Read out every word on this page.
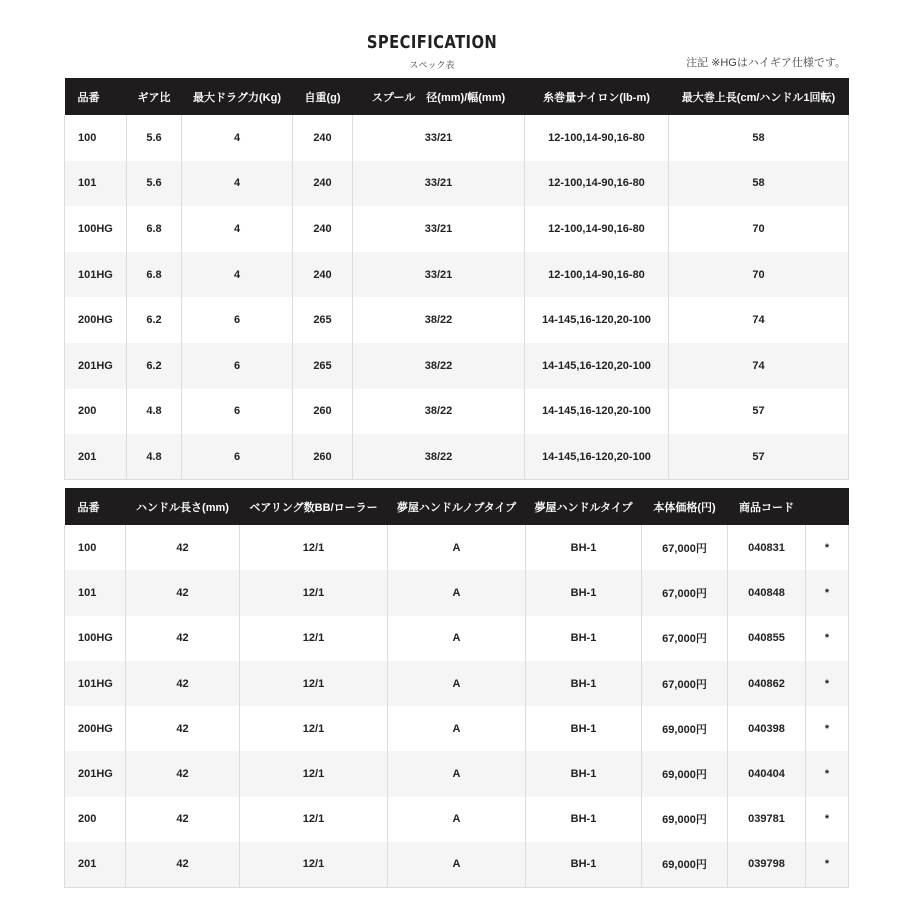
SPECIFICATION
スペック表	注記 ※HGはハイギア仕様です。
品番	ギア比	最大ドラグ力(Kg)	自重(g)	スプール　径(mm)/幅(mm)	糸巻量ナイロン(lb-m)	最大巻上長(cm/ハンドル1回転)
100	5.6	4	240	33/21	12-100,14-90,16-80	58
101	5.6	4	240	33/21	12-100,14-90,16-80	58
100HG	6.8	4	240	33/21	12-100,14-90,16-80	70
101HG	6.8	4	240	33/21	12-100,14-90,16-80	70
200HG	6.2	6	265	38/22	14-145,16-120,20-100	74
201HG	6.2	6	265	38/22	14-145,16-120,20-100	74
200	4.8	6	260	38/22	14-145,16-120,20-100	57
201	4.8	6	260	38/22	14-145,16-120,20-100	57
品番	ハンドル長さ(mm)	ベアリング数BB/ローラー	夢屋ハンドルノブタイプ	夢屋ハンドルタイプ	本体価格(円)	商品コード	
100	42	12/1	A	BH-1	67,000円	040831	*
101	42	12/1	A	BH-1	67,000円	040848	*
100HG	42	12/1	A	BH-1	67,000円	040855	*
101HG	42	12/1	A	BH-1	67,000円	040862	*
200HG	42	12/1	A	BH-1	69,000円	040398	*
201HG	42	12/1	A	BH-1	69,000円	040404	*
200	42	12/1	A	BH-1	69,000円	039781	*
201	42	12/1	A	BH-1	69,000円	039798	*
